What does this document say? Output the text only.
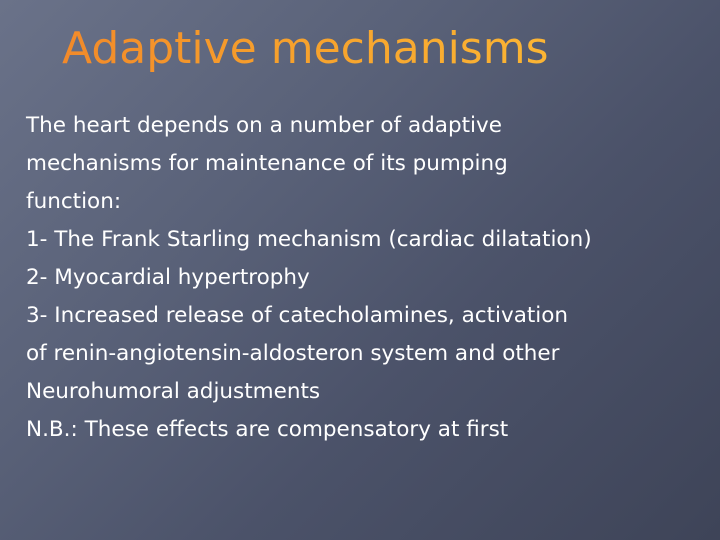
Adaptive mechanisms

The heart depends on a number of adaptive

mechanisms for maintenance of its pumping

function:

1- The Frank Starling mechanism (cardiac dilatation)

2- Myocardial hypertrophy

3- Increased release of catecholamines, activation

of renin-angiotensin-aldosteron system and other

Neurohumoral adjustments

N.B.: These effects are compensatory at first
